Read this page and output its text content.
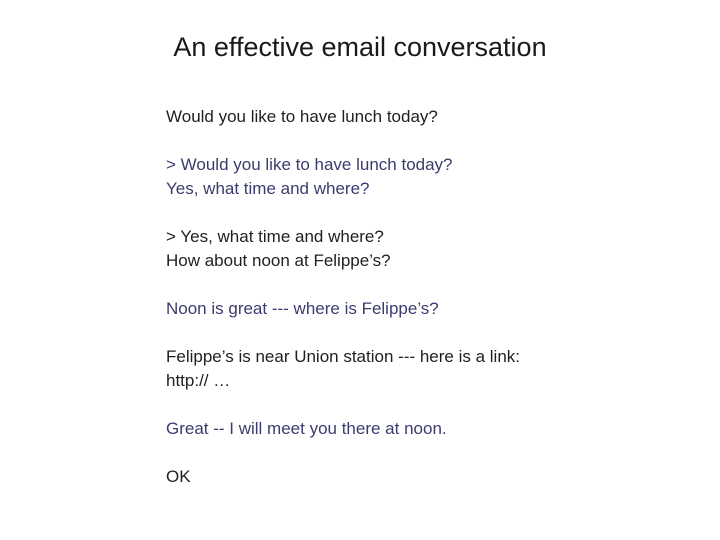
An effective email conversation
Would you like to have lunch today?
> Would you like to have lunch today?
Yes, what time and where?
> Yes, what time and where?
How about noon at Felippe’s?
Noon is great --- where is Felippe’s?
Felippe’s is near Union station --- here is a link:
http:// …
Great -- I will meet you there at noon.
OK
